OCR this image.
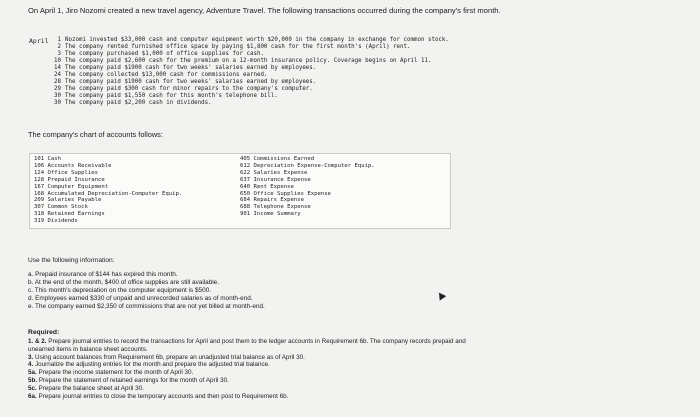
On April 1, Jiro Nozomi created a new travel agency, Adventure Travel. The following transactions occurred during the company's first month.
April	1 Nozomi invested $33,000 cash and computer equipment worth $20,000 in the company in exchange for common stock.
2 The company rented furnished office space by paying $1,800 cash for the first month's (April) rent.
3 The company purchased $1,000 of office supplies for cash.
10 The company paid $2,600 cash for the premium on a 12-month insurance policy. Coverage begins on April 11.
14 The company paid $1900 cash for two weeks' salaries earned by employees.
24 The company collected $13,000 cash for commissions earned.
28 The company paid $1900 cash for two weeks' salaries earned by employees.
29 The company paid $300 cash for minor repairs to the company's computer.
30 The company paid $1,550 cash for this month's telephone bill.
30 The company paid $2,200 cash in dividends.
The company's chart of accounts follows:
101 Cash
106 Accounts Receivable
124 Office Supplies
128 Prepaid Insurance
167 Computer Equipment
168 Accumulated Depreciation-Computer Equip.
209 Salaries Payable
307 Common Stock
318 Retained Earnings
319 Dividends
405 Commissions Earned
612 Depreciation Expense-Computer Equip.
622 Salaries Expense
637 Insurance Expense
640 Rent Expense
650 Office Supplies Expense
684 Repairs Expense
688 Telephone Expense
901 Income Summary
Use the following information:
a. Prepaid insurance of $144 has expired this month.
b. At the end of the month, $400 of office supplies are still available.
c. This month's depreciation on the computer equipment is $500.
d. Employees earned $330 of unpaid and unrecorded salaries as of month-end.
e. The company earned $2,350 of commissions that are not yet billed at month-end.
Required:
1. & 2. Prepare journal entries to record the transactions for April and post them to the ledger accounts in Requirement 6b. The company records prepaid and unearned items in balance sheet accounts.
3. Using account balances from Requirement 6b, prepare an unadjusted trial balance as of April 30.
4. Journalize the adjusting entries for the month and prepare the adjusted trial balance.
5a. Prepare the income statement for the month of April 30.
5b. Prepare the statement of retained earnings for the month of April 30.
5c. Prepare the balance sheet at April 30.
6a. Prepare journal entries to close the temporary accounts and then post to Requirement 6b.
